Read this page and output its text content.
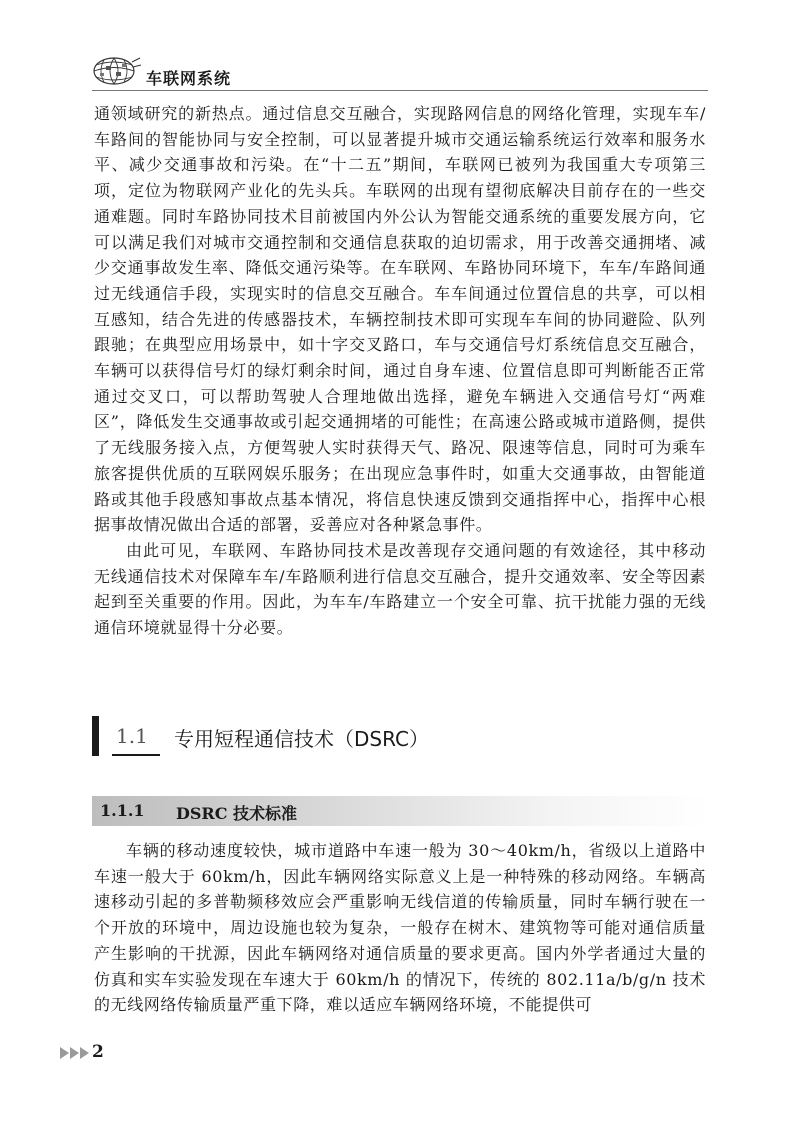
车联网系统

通领域研究的新热点。通过信息交互融合，实现路网信息的网络化管理，实现车车/车路间的智能协同与安全控制，可以显著提升城市交通运输系统运行效率和服务水平、减少交通事故和污染。在“十二五”期间，车联网已被列为我国重大专项第三项，定位为物联网产业化的先头兵。车联网的出现有望彻底解决目前存在的一些交通难题。同时车路协同技术目前被国内外公认为智能交通系统的重要发展方向，它可以满足我们对城市交通控制和交通信息获取的迫切需求，用于改善交通拥堵、减少交通事故发生率、降低交通污染等。在车联网、车路协同环境下，车车/车路间通过无线通信手段，实现实时的信息交互融合。车车间通过位置信息的共享，可以相互感知，结合先进的传感器技术，车辆控制技术即可实现车车间的协同避险、队列跟驰；在典型应用场景中，如十字交叉路口，车与交通信号灯系统信息交互融合，车辆可以获得信号灯的绿灯剩余时间，通过自身车速、位置信息即可判断能否正常通过交叉口，可以帮助驾驶人合理地做出选择，避免车辆进入交通信号灯“两难区”，降低发生交通事故或引起交通拥堵的可能性；在高速公路或城市道路侧，提供了无线服务接入点，方便驾驶人实时获得天气、路况、限速等信息，同时可为乘车旅客提供优质的互联网娱乐服务；在出现应急事件时，如重大交通事故，由智能道路或其他手段感知事故点基本情况，将信息快速反馈到交通指挥中心，指挥中心根据事故情况做出合适的部署，妥善应对各种紧急事件。

由此可见，车联网、车路协同技术是改善现存交通问题的有效途径，其中移动无线通信技术对保障车车/车路顺利进行信息交互融合，提升交通效率、安全等因素起到至关重要的作用。因此，为车车/车路建立一个安全可靠、抗干扰能力强的无线通信环境就显得十分必要。

1.1 专用短程通信技术（DSRC）
1.1.1 DSRC 技术标准

车辆的移动速度较快，城市道路中车速一般为 30～40km/h，省级以上道路中车速一般大于 60km/h，因此车辆网络实际意义上是一种特殊的移动网络。车辆高速移动引起的多普勒频移效应会严重影响无线信道的传输质量，同时车辆行驶在一个开放的环境中，周边设施也较为复杂，一般存在树木、建筑物等可能对通信质量产生影响的干扰源，因此车辆网络对通信质量的要求更高。国内外学者通过大量的仿真和实车实验发现在车速大于 60km/h 的情况下，传统的 802.11a/b/g/n 技术的无线网络传输质量严重下降，难以适应车辆网络环境，不能提供可

2
